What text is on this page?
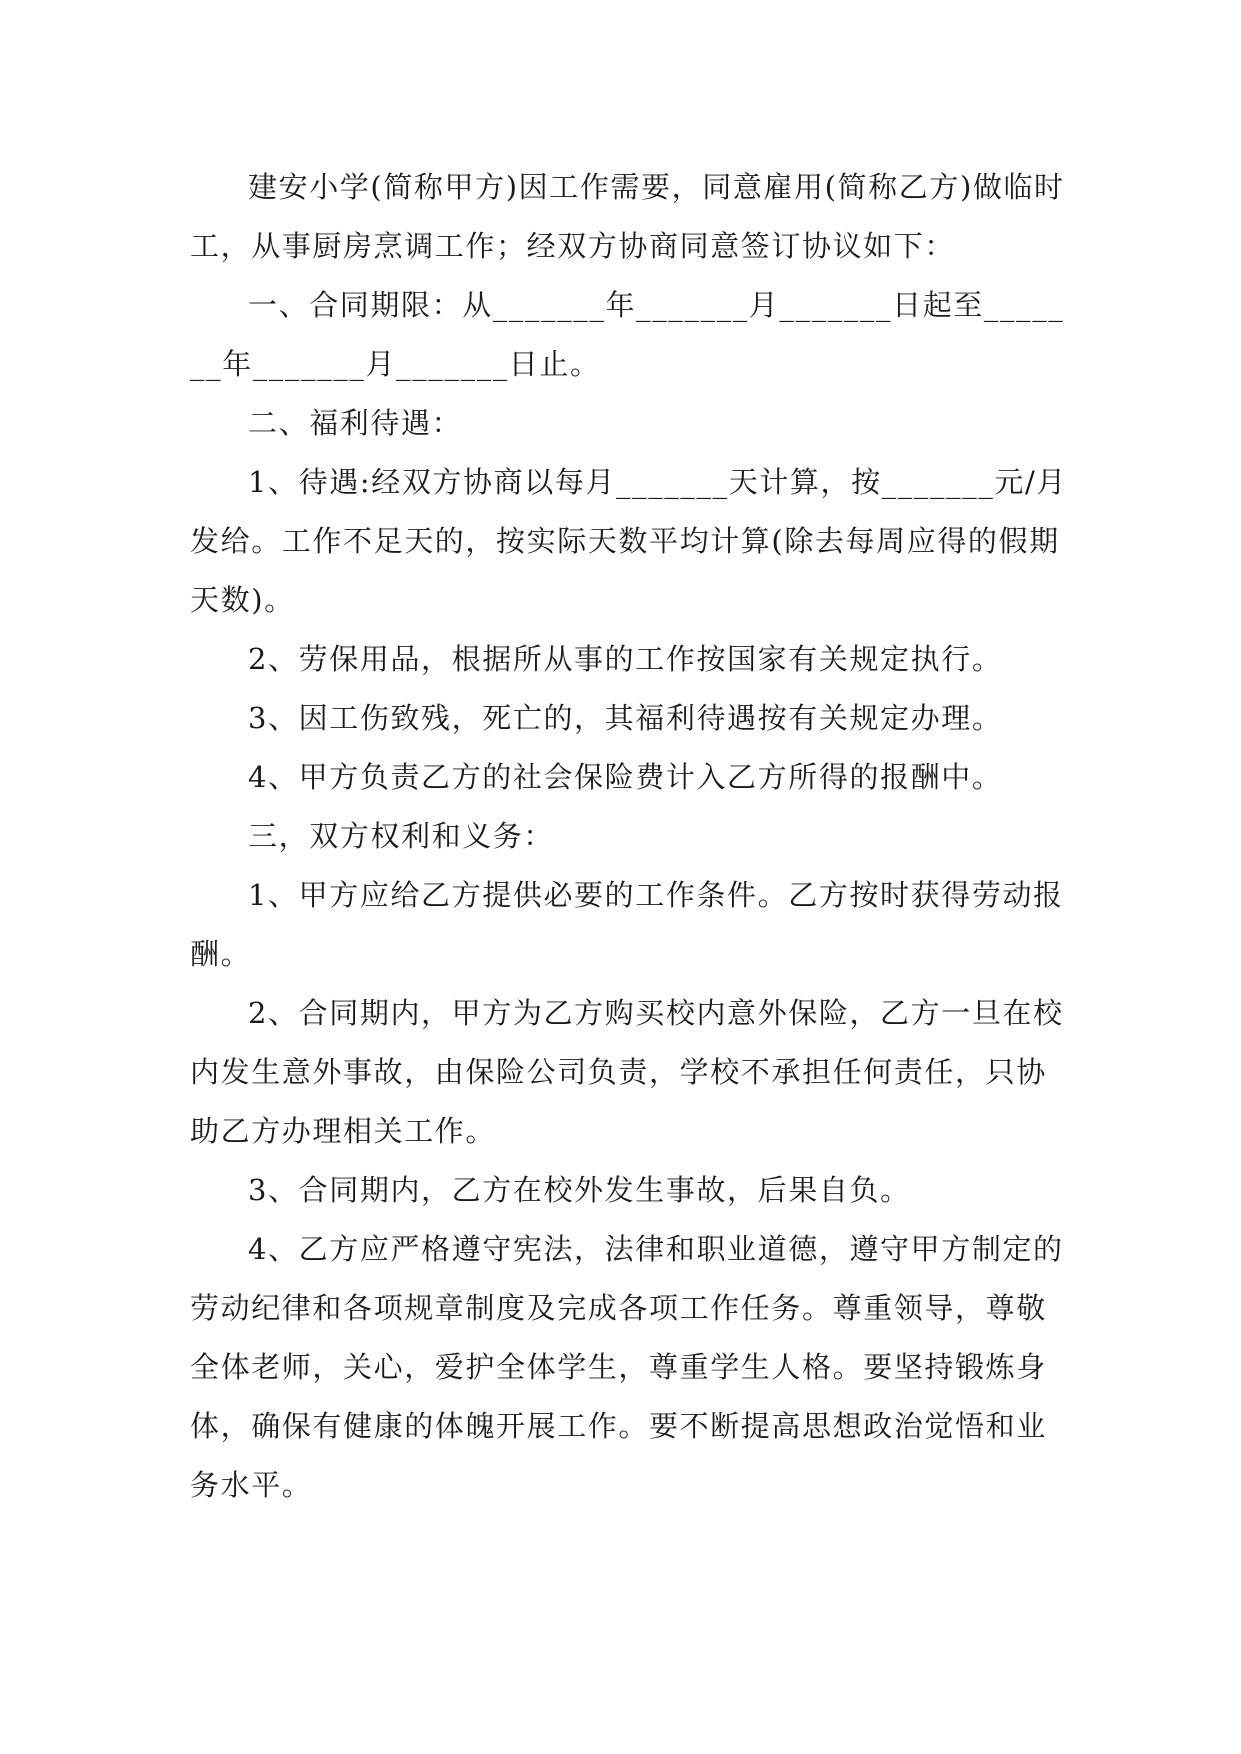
建安小学(简称甲方)因工作需要，同意雇用(简称乙方)做临时工，从事厨房烹调工作；经双方协商同意签订协议如下：

一、合同期限：从_______年_______月_______日起至_______年_______月_______日止。

二、福利待遇：

1、待遇:经双方协商以每月_______天计算，按_______元/月发给。工作不足天的，按实际天数平均计算(除去每周应得的假期天数)。

2、劳保用品，根据所从事的工作按国家有关规定执行。

3、因工伤致残，死亡的，其福利待遇按有关规定办理。

4、甲方负责乙方的社会保险费计入乙方所得的报酬中。

三，双方权利和义务：

1、甲方应给乙方提供必要的工作条件。乙方按时获得劳动报酬。

2、合同期内，甲方为乙方购买校内意外保险，乙方一旦在校内发生意外事故，由保险公司负责，学校不承担任何责任，只协助乙方办理相关工作。

3、合同期内，乙方在校外发生事故，后果自负。

4、乙方应严格遵守宪法，法律和职业道德，遵守甲方制定的劳动纪律和各项规章制度及完成各项工作任务。尊重领导，尊敬全体老师，关心，爱护全体学生，尊重学生人格。要坚持锻炼身体，确保有健康的体魄开展工作。要不断提高思想政治觉悟和业务水平。
